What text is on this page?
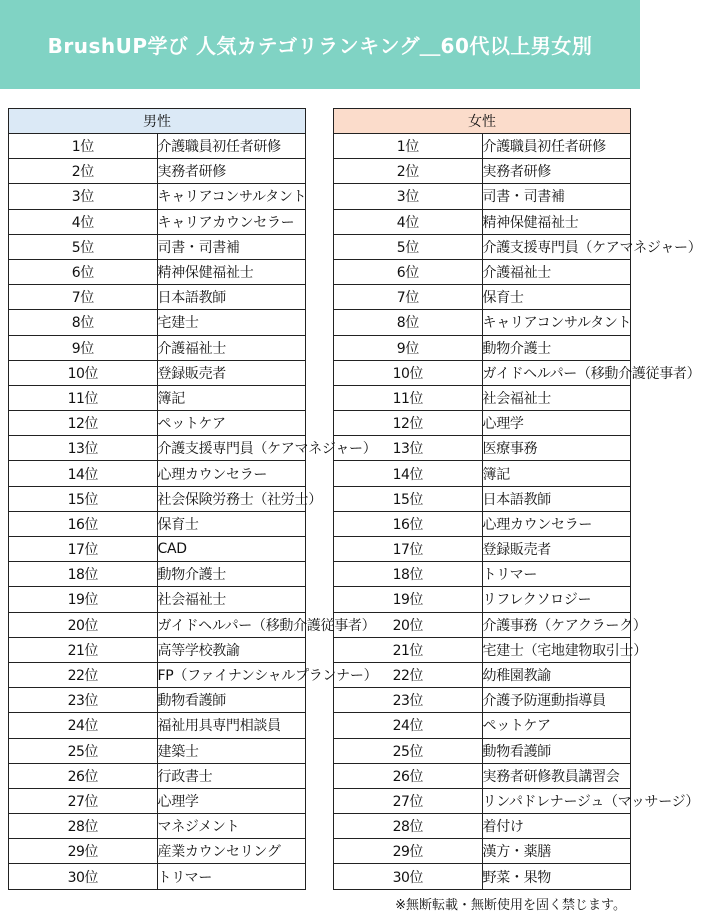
BrushUP学び 人気カテゴリランキング＿60代以上男女別
男性	
1位	介護職員初任者研修
2位	実務者研修
3位	キャリアコンサルタント
4位	キャリアカウンセラー
5位	司書・司書補
6位	精神保健福祉士
7位	日本語教師
8位	宅建士
9位	介護福祉士
10位	登録販売者
11位	簿記
12位	ペットケア
13位	介護支援専門員（ケアマネジャー）
14位	心理カウンセラー
15位	社会保険労務士（社労士）
16位	保育士
17位	CAD
18位	動物介護士
19位	社会福祉士
20位	ガイドヘルパー（移動介護従事者）
21位	高等学校教諭
22位	FP（ファイナンシャルプランナー）
23位	動物看護師
24位	福祉用具専門相談員
25位	建築士
26位	行政書士
27位	心理学
28位	マネジメント
29位	産業カウンセリング
30位	トリマー
女性	
1位	介護職員初任者研修
2位	実務者研修
3位	司書・司書補
4位	精神保健福祉士
5位	介護支援専門員（ケアマネジャー）
6位	介護福祉士
7位	保育士
8位	キャリアコンサルタント
9位	動物介護士
10位	ガイドヘルパー（移動介護従事者）
11位	社会福祉士
12位	心理学
13位	医療事務
14位	簿記
15位	日本語教師
16位	心理カウンセラー
17位	登録販売者
18位	トリマー
19位	リフレクソロジー
20位	介護事務（ケアクラーク）
21位	宅建士（宅地建物取引士）
22位	幼稚園教諭
23位	介護予防運動指導員
24位	ペットケア
25位	動物看護師
26位	実務者研修教員講習会
27位	リンパドレナージュ（マッサージ）
28位	着付け
29位	漢方・薬膳
30位	野菜・果物
※無断転載・無断使用を固く禁じます。
